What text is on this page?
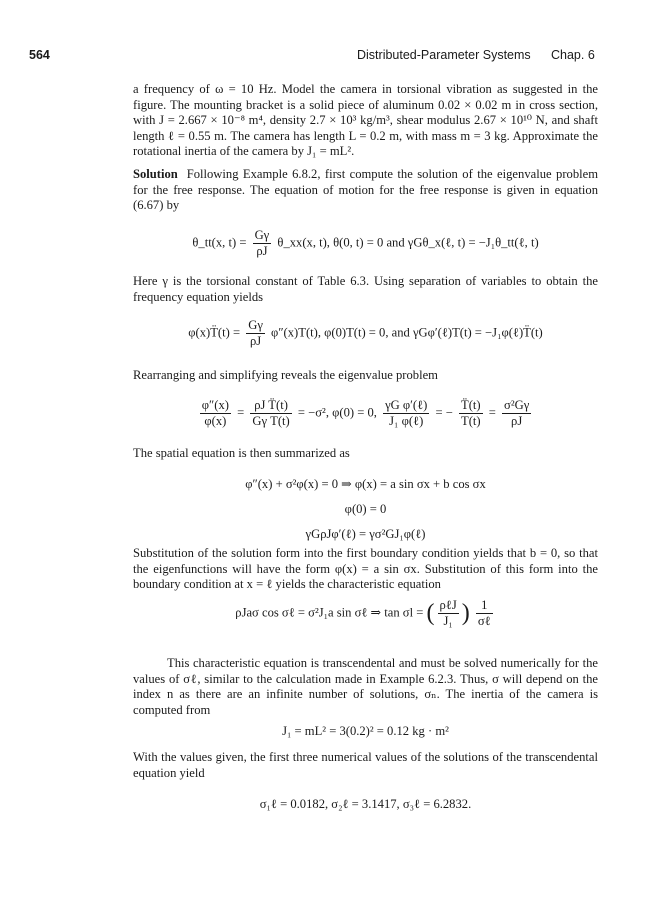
564	Distributed-Parameter Systems Chap. 6

a frequency of ω = 10 Hz. Model the camera in torsional vibration as suggested in the figure. The mounting bracket is a solid piece of aluminum 0.02 × 0.02 m in cross section, with J = 2.667 × 10⁻⁸ m⁴, density 2.7 × 10³ kg/m³, shear modulus 2.67 × 10¹⁰ N, and shaft length ℓ = 0.55 m. The camera has length L = 0.2 m, with mass m = 3 kg. Approximate the rotational inertia of the camera by J₁ = mL².

Solution Following Example 6.8.2, first compute the solution of the eigenvalue problem for the free response. The equation of motion for the free response is given in equation (6.67) by

θ_tt(x, $t) = \frac{G\gamma}{\rho J}$ θ_xx(x, t), θ(0, t) = 0 and γGθ_x(ℓ, t) = −J₁θ_tt(ℓ, t)

Here γ is the torsional constant of Table 6.3. Using separation of variables to obtain the frequency equation yields

φ(x)T̈(t) = $\frac{G\gamma}{\rho J} \varphi''(x)T(t)$, φ(0)T(t) = 0, and γGφ′(ℓ)T(t) = −J₁φ(ℓ)T̈(t)

Rearranging and simplifying reveals the eigenvalue problem

$\frac{\varphi''(x)}{\varphi(x)} = \frac{\text{ρJ T̈(t)}}{\text{Gγ T(t)}} = -\sigma^2$, φ(0) = 0, $\frac{\text{γG φ′(ℓ)}}{\text{J₁ φ(ℓ)}}$ = − $\frac{T̈(t)}{T(t)} = \frac{\text{σ²Gγ}}{\rho J}$

The spatial equation is then summarized as

φ″(x) + σ²φ(x) = 0 ⇒ φ(x) = a sin σx + b cos σx
φ(0) = 0
γGρJφ′(ℓ) = γσ²GJ₁φ(ℓ)

Substitution of the solution form into the first boundary condition yields that b = 0, so that the eigenfunctions will have the form φ(x) = a sin σx. Substitution of this form into the boundary condition at x = ℓ yields the characteristic equation

ρJaσ cos σℓ = σ²J₁a sin σℓ ⇒ tan σl = ( $\frac{\text{ρℓJ}}{\text{J₁}}$ ) $\frac{1}{\text{σℓ}}$

This characteristic equation is transcendental and must be solved numerically for the values of σℓ, similar to the calculation made in Example 6.2.3. Thus, σ will depend on the index n as there are an infinite number of solutions, σₙ. The inertia of the camera is computed from

J₁ = mL² = 3(0.2)² = 0.12 kg · m²

With the values given, the first three numerical values of the solutions of the transcendental equation yield

σ₁ℓ = 0.0182, σ₂ℓ = 3.1417, σ₃ℓ = 6.2832.
